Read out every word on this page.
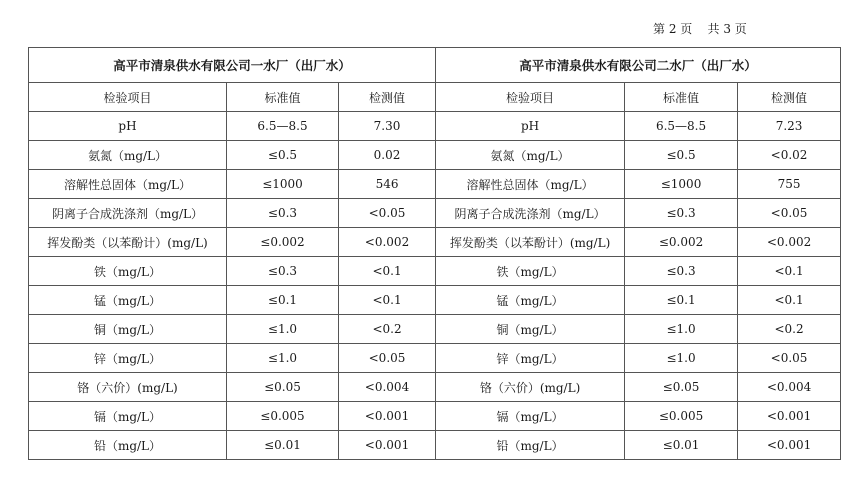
第 2 页    共 3 页
高平市清泉供水有限公司一水厂（出厂水）			高平市清泉供水有限公司二水厂（出厂水）		
检验项目	标准值	检测值	检验项目	标准值	检测值
pH	6.5—8.5	7.30	pH	6.5—8.5	7.23
氨氮（mg/L）	≤0.5	0.02	氨氮（mg/L）	≤0.5	<0.02
溶解性总固体（mg/L）	≤1000	546	溶解性总固体（mg/L）	≤1000	755
阴离子合成洗涤剂（mg/L）	≤0.3	<0.05	阴离子合成洗涤剂（mg/L）	≤0.3	<0.05
挥发酚类（以苯酚计）(mg/L)	≤0.002	<0.002	挥发酚类（以苯酚计）(mg/L)	≤0.002	<0.002
铁（mg/L）	≤0.3	<0.1	铁（mg/L）	≤0.3	<0.1
锰（mg/L）	≤0.1	<0.1	锰（mg/L）	≤0.1	<0.1
铜（mg/L）	≤1.0	<0.2	铜（mg/L）	≤1.0	<0.2
锌（mg/L）	≤1.0	<0.05	锌（mg/L）	≤1.0	<0.05
铬（六价）(mg/L)	≤0.05	<0.004	铬（六价）(mg/L)	≤0.05	<0.004
镉（mg/L）	≤0.005	<0.001	镉（mg/L）	≤0.005	<0.001
铅（mg/L）	≤0.01	<0.001	铅（mg/L）	≤0.01	<0.001
